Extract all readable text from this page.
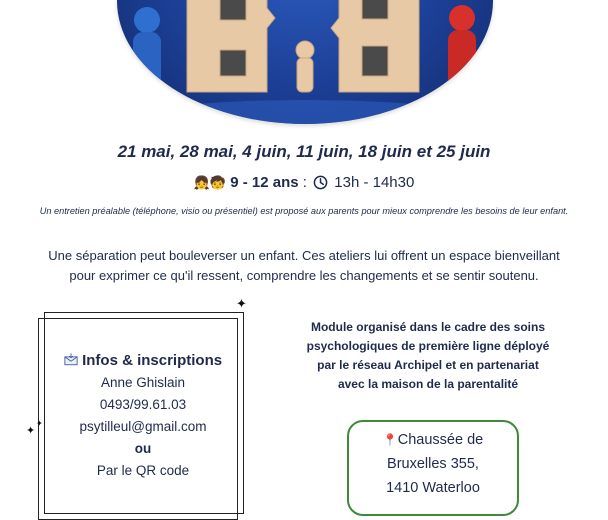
21 mai, 28 mai, 4 juin, 11 juin, 18 juin et 25 juin
👧🧒 9 - 12 ans :  13h - 14h30
Un entretien préalable (téléphone, visio ou présentiel) est proposé aux parents pour mieux comprendre les besoins de leur enfant.
Une séparation peut bouleverser un enfant. Ces ateliers lui offrent un espace bienveillant pour exprimer ce qu'il ressent, comprendre les changements et se sentir soutenu.
✦
✦
✦
Infos & inscriptions
Anne Ghislain
0493/99.61.03
psytilleul@gmail.com
ou
Par le QR code
Module organisé dans le cadre des soins
psychologiques de première ligne déployé
par le réseau Archipel et en partenariat
avec la maison de la parentalité
📍Chaussée de
Bruxelles 355,
1410 Waterloo
